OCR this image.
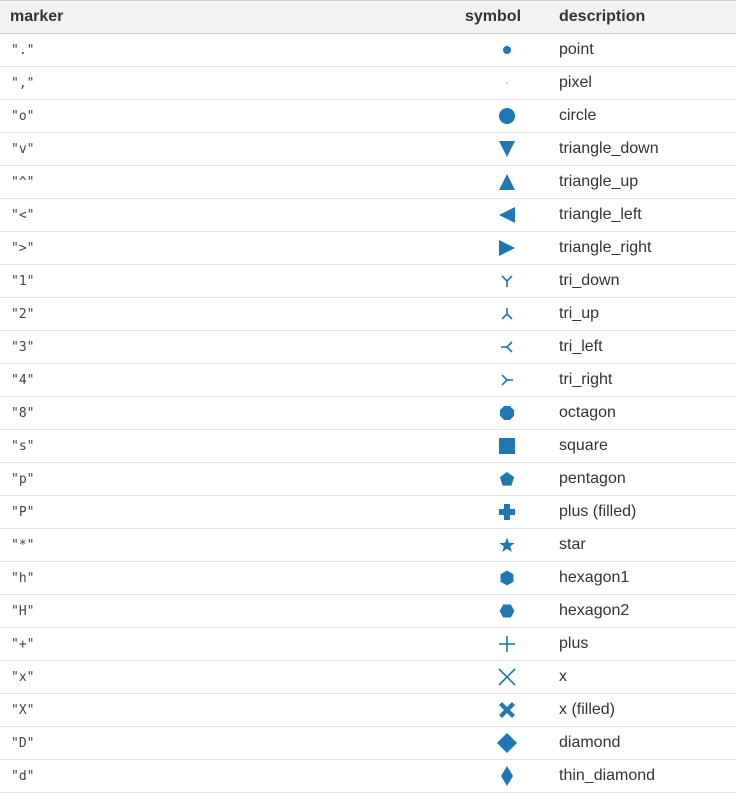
marker	symbol	description
"."		point
","		pixel
"o"		circle
"v"		triangle_down
"^"		triangle_up
"<"		triangle_left
">"		triangle_right
"1"		tri_down
"2"		tri_up
"3"		tri_left
"4"		tri_right
"8"		octagon
"s"		square
"p"		pentagon
"P"		plus (filled)
"*"		star
"h"		hexagon1
"H"		hexagon2
"+"		plus
"x"		x
"X"		x (filled)
"D"		diamond
"d"		thin_diamond
